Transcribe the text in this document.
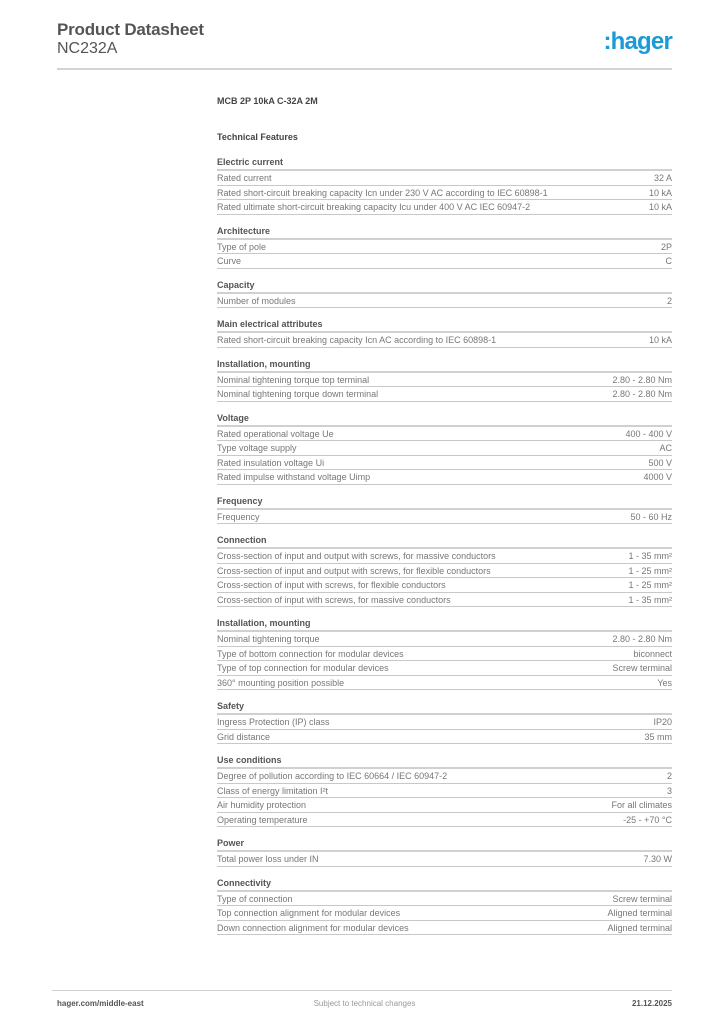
Product Datasheet
NC232A	:hager
MCB 2P 10kA C-32A 2M
Technical Features
Electric current
Rated current	32 A
Rated short-circuit breaking capacity Icn under 230 V AC according to IEC 60898-1	10 kA
Rated ultimate short-circuit breaking capacity Icu under 400 V AC IEC 60947-2	10 kA
Architecture
Type of pole	2P
Curve	C
Capacity
Number of modules	2
Main electrical attributes
Rated short-circuit breaking capacity Icn AC according to IEC 60898-1	10 kA
Installation, mounting
Nominal tightening torque top terminal	2.80 - 2.80 Nm
Nominal tightening torque down terminal	2.80 - 2.80 Nm
Voltage
Rated operational voltage Ue	400 - 400 V
Type voltage supply	AC
Rated insulation voltage Ui	500 V
Rated impulse withstand voltage Uimp	4000 V
Frequency
Frequency	50 - 60 Hz
Connection
Cross-section of input and output with screws, for massive conductors	1 - 35 mm²
Cross-section of input and output with screws, for flexible conductors	1 - 25 mm²
Cross-section of input with screws, for flexible conductors	1 - 25 mm²
Cross-section of input with screws, for massive conductors	1 - 35 mm²
Installation, mounting
Nominal tightening torque	2.80 - 2.80 Nm
Type of bottom connection for modular devices	biconnect
Type of top connection for modular devices	Screw terminal
360° mounting position possible	Yes
Safety
Ingress Protection (IP) class	IP20
Grid distance	35 mm
Use conditions
Degree of pollution according to IEC 60664 / IEC 60947-2	2
Class of energy limitation I²t	3
Air humidity protection	For all climates
Operating temperature	-25 - +70 °C
Power
Total power loss under IN	7.30 W
Connectivity
Type of connection	Screw terminal
Top connection alignment for modular devices	Aligned terminal
Down connection alignment for modular devices	Aligned terminal
hager.com/middle-east	Subject to technical changes	21.12.2025
